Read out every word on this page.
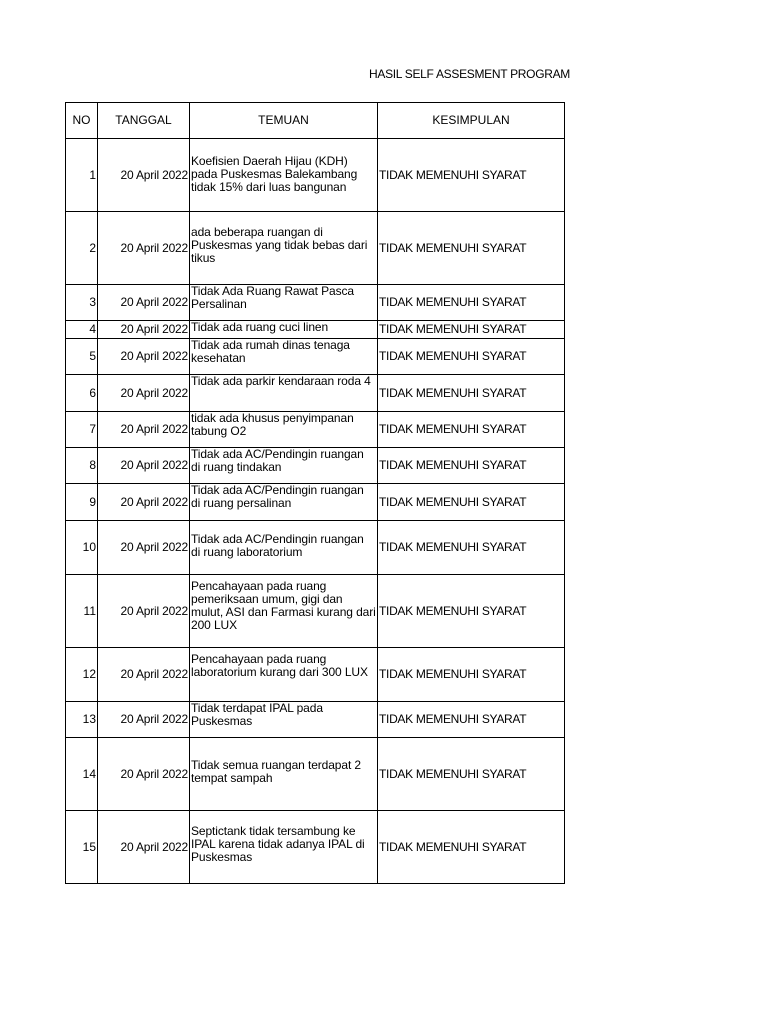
HASIL SELF ASSESMENT PROGRAM
NO	TANGGAL	TEMUAN	KESIMPULAN
1	20 April 2022	Koefisien Daerah Hijau (KDH) pada Puskesmas Balekambang tidak 15% dari luas bangunan	TIDAK MEMENUHI SYARAT
2	20 April 2022	ada beberapa ruangan di Puskesmas yang tidak bebas dari tikus	TIDAK MEMENUHI SYARAT
3	20 April 2022	Tidak Ada Ruang Rawat Pasca Persalinan	TIDAK MEMENUHI SYARAT
4	20 April 2022	Tidak ada ruang cuci linen	TIDAK MEMENUHI SYARAT
5	20 April 2022	Tidak ada rumah dinas tenaga kesehatan	TIDAK MEMENUHI SYARAT
6	20 April 2022	Tidak ada parkir kendaraan roda 4	TIDAK MEMENUHI SYARAT
7	20 April 2022	tidak ada khusus penyimpanan tabung O2	TIDAK MEMENUHI SYARAT
8	20 April 2022	Tidak ada AC/Pendingin ruangan di ruang tindakan	TIDAK MEMENUHI SYARAT
9	20 April 2022	Tidak ada AC/Pendingin ruangan di ruang persalinan	TIDAK MEMENUHI SYARAT
10	20 April 2022	Tidak ada AC/Pendingin ruangan di ruang laboratorium	TIDAK MEMENUHI SYARAT
11	20 April 2022	Pencahayaan pada ruang pemeriksaan umum, gigi dan mulut, ASI dan Farmasi kurang dari 200 LUX	TIDAK MEMENUHI SYARAT
12	20 April 2022	Pencahayaan pada ruang laboratorium kurang dari 300 LUX	TIDAK MEMENUHI SYARAT
13	20 April 2022	Tidak terdapat IPAL pada Puskesmas	TIDAK MEMENUHI SYARAT
14	20 April 2022	Tidak semua ruangan terdapat 2 tempat sampah	TIDAK MEMENUHI SYARAT
15	20 April 2022	Septictank tidak tersambung ke IPAL karena tidak adanya IPAL di Puskesmas	TIDAK MEMENUHI SYARAT
